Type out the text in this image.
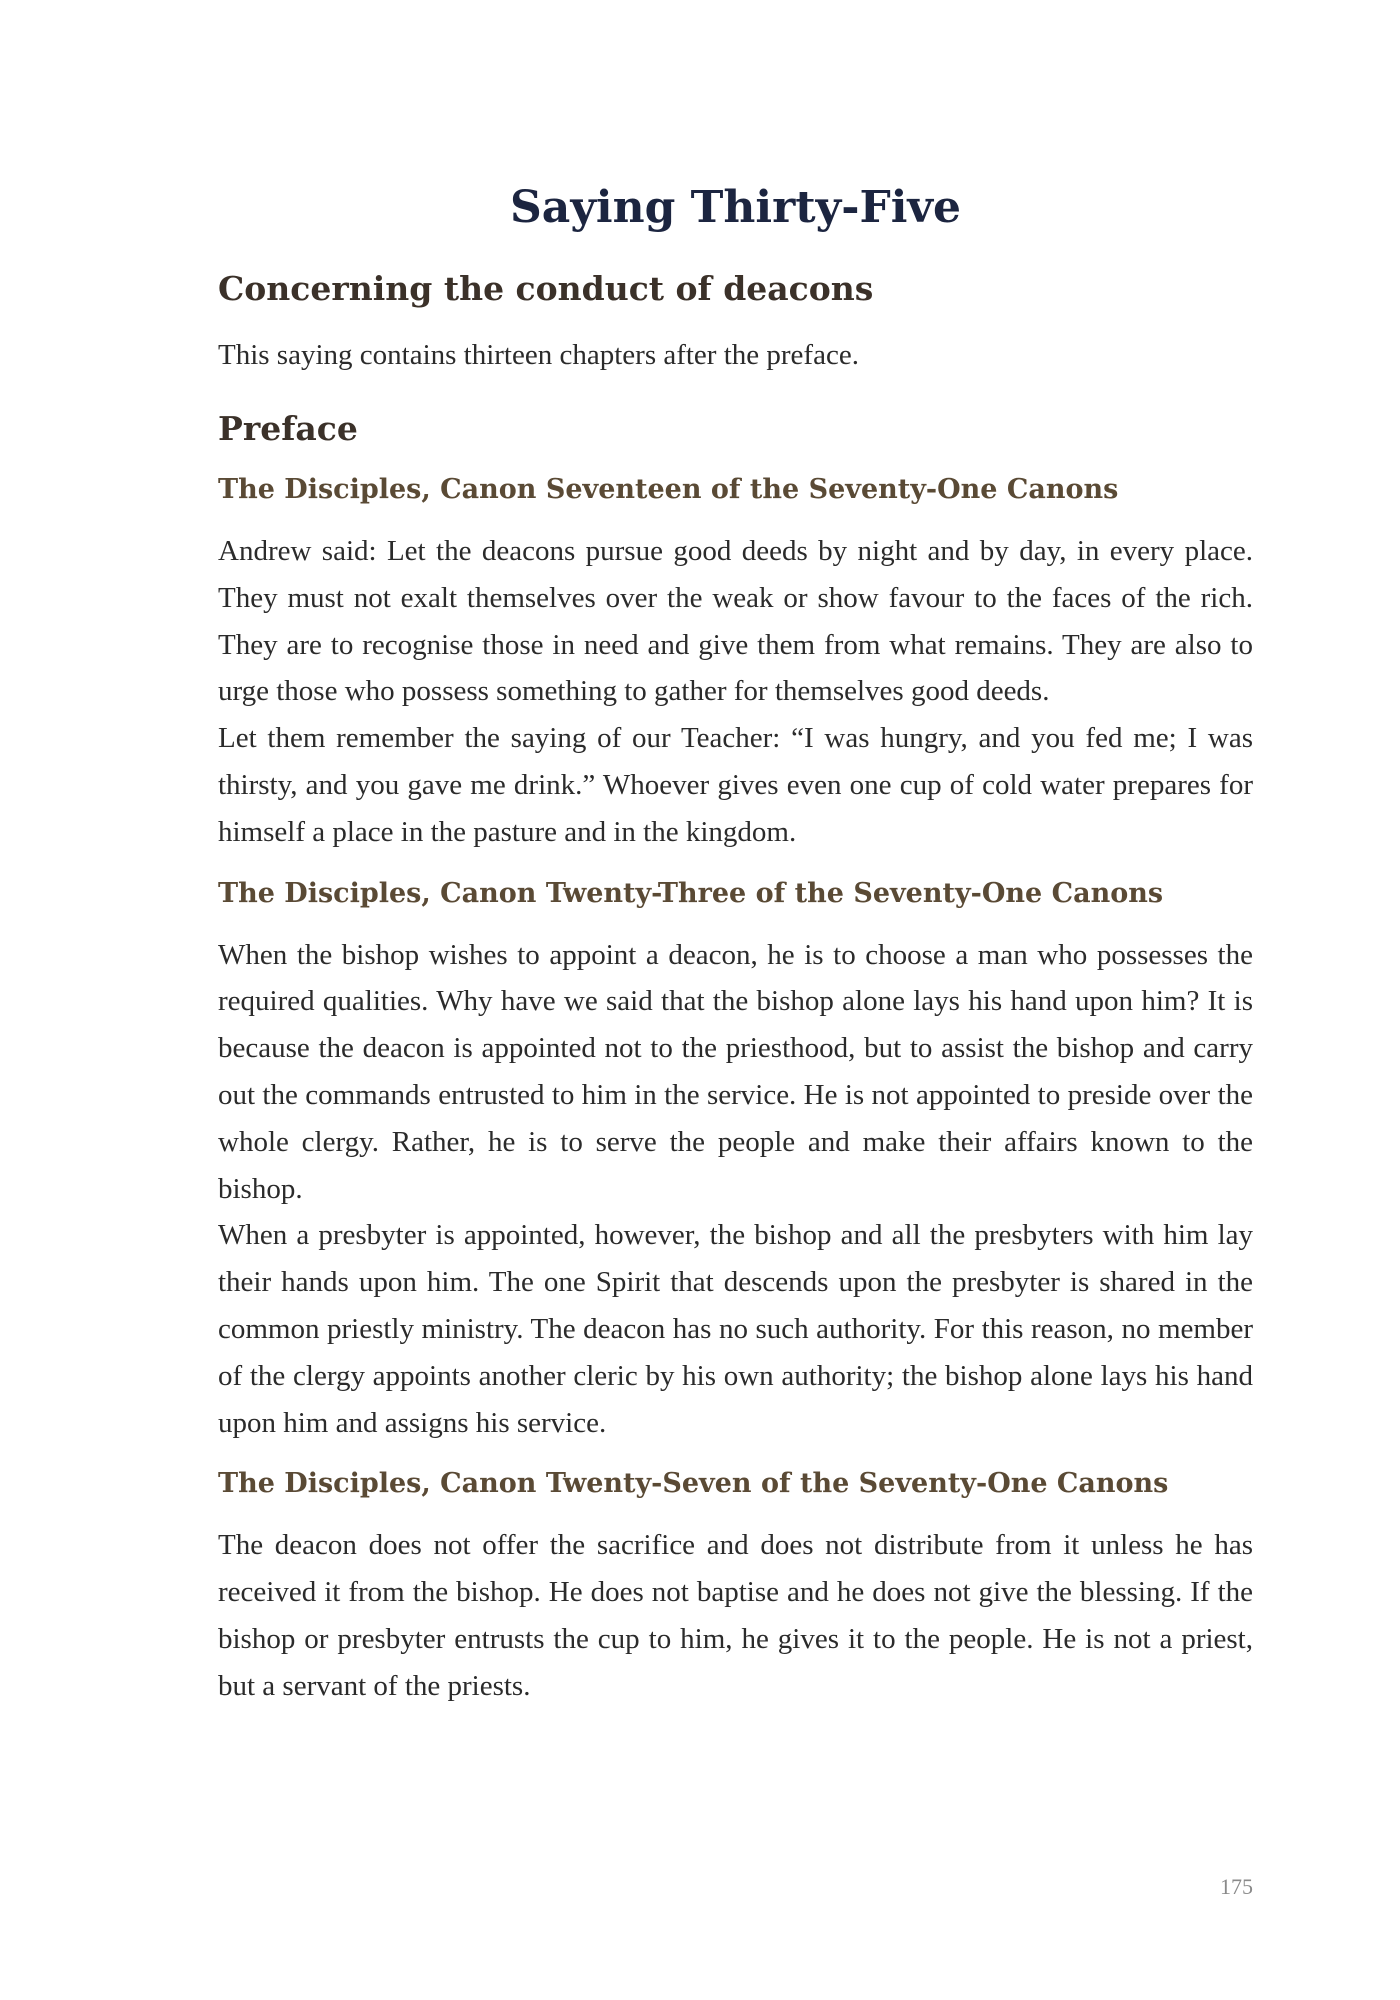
Saying Thirty-Five
Concerning the conduct of deacons

This saying contains thirteen chapters after the preface.

Preface
The Disciples, Canon Seventeen of the Seventy-One Canons

Andrew said: Let the deacons pursue good deeds by night and by day, in every place. They must not exalt themselves over the weak or show favour to the faces of the rich. They are to recognise those in need and give them from what remains. They are also to urge those who possess something to gather for themselves good deeds.

Let them remember the saying of our Teacher: “I was hungry, and you fed me; I was thirsty, and you gave me drink.” Whoever gives even one cup of cold water prepares for himself a place in the pasture and in the kingdom.

The Disciples, Canon Twenty-Three of the Seventy-One Canons

When the bishop wishes to appoint a deacon, he is to choose a man who possesses the required qualities. Why have we said that the bishop alone lays his hand upon him? It is because the deacon is appointed not to the priesthood, but to assist the bishop and carry out the commands entrusted to him in the service. He is not appointed to preside over the whole clergy. Rather, he is to serve the people and make their affairs known to the bishop.

When a presbyter is appointed, however, the bishop and all the presbyters with him lay their hands upon him. The one Spirit that descends upon the presbyter is shared in the common priestly ministry. The deacon has no such authority. For this reason, no member of the clergy appoints another cleric by his own authority; the bishop alone lays his hand upon him and assigns his service.

The Disciples, Canon Twenty-Seven of the Seventy-One Canons

The deacon does not offer the sacrifice and does not distribute from it unless he has received it from the bishop. He does not baptise and he does not give the blessing. If the bishop or presbyter entrusts the cup to him, he gives it to the people. He is not a priest, but a servant of the priests.

175
